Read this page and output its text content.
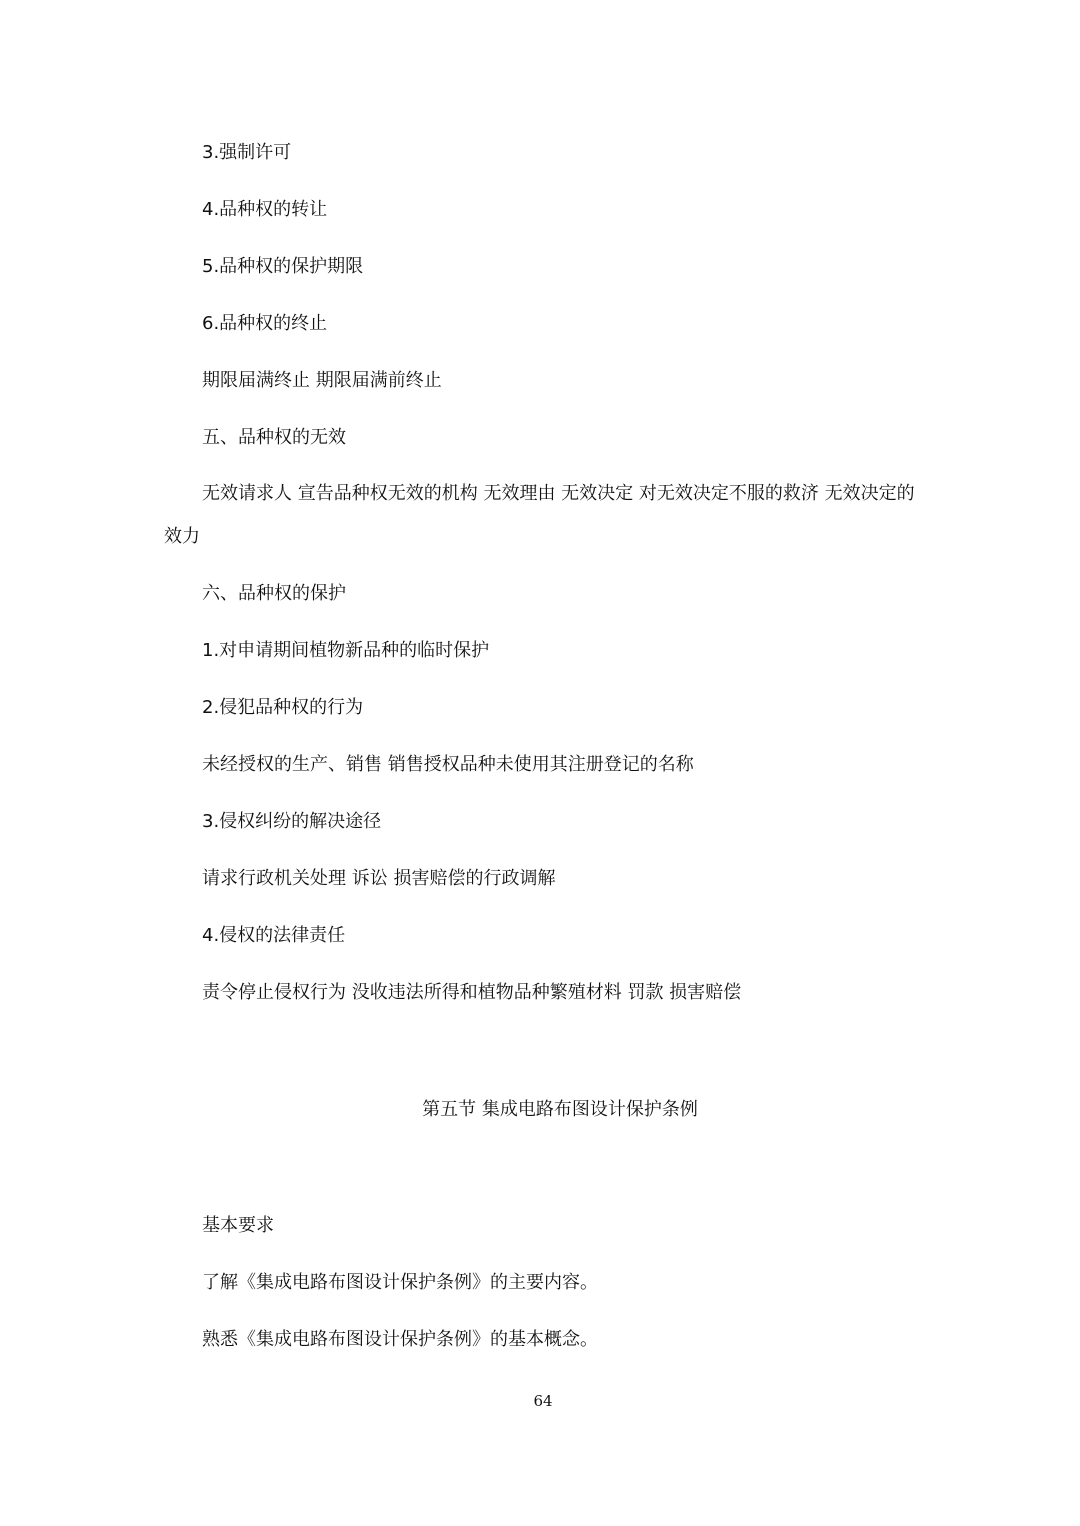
3.强制许可
4.品种权的转让
5.品种权的保护期限
6.品种权的终止
期限届满终止 期限届满前终止
五、品种权的无效
无效请求人 宣告品种权无效的机构 无效理由 无效决定 对无效决定不服的救济 无效决定的效力
六、品种权的保护
1.对申请期间植物新品种的临时保护
2.侵犯品种权的行为
未经授权的生产、销售 销售授权品种未使用其注册登记的名称
3.侵权纠纷的解决途径
请求行政机关处理 诉讼 损害赔偿的行政调解
4.侵权的法律责任
责令停止侵权行为 没收违法所得和植物品种繁殖材料 罚款 损害赔偿
第五节 集成电路布图设计保护条例
基本要求
了解《集成电路布图设计保护条例》的主要内容。
熟悉《集成电路布图设计保护条例》的基本概念。
64
